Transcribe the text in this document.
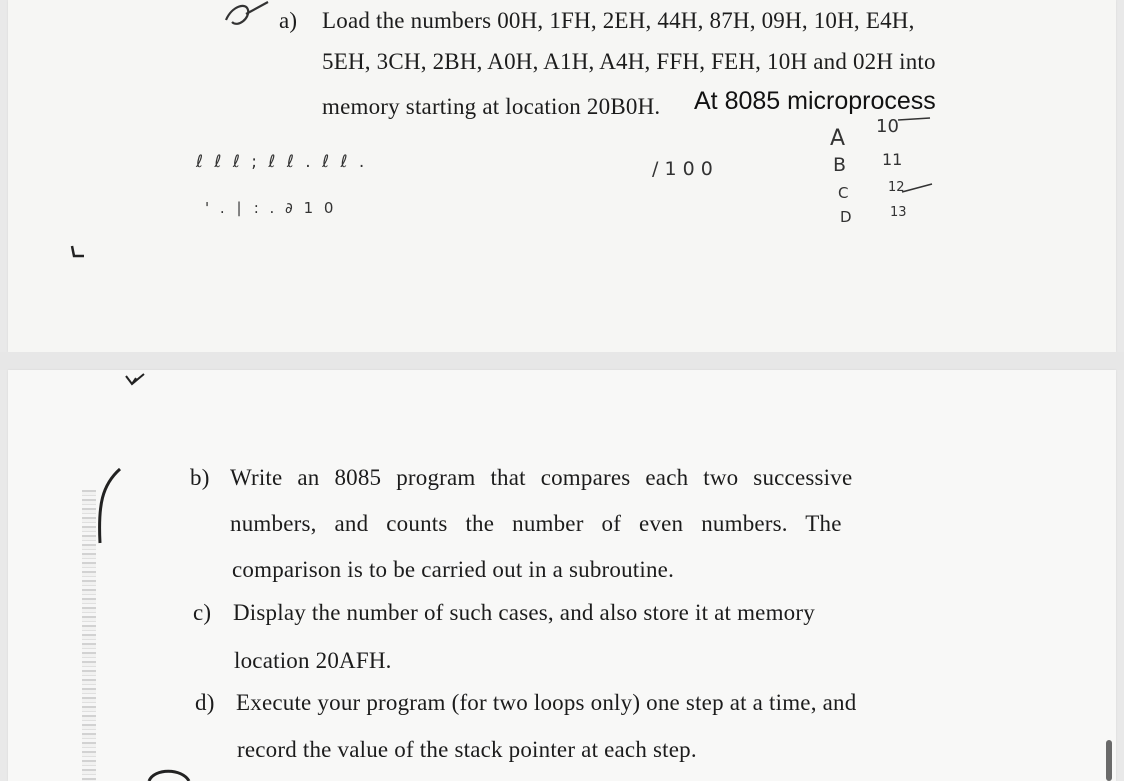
a) Load the numbers 00H, 1FH, 2EH, 44H, 87H, 09H, 10H, E4H,
5EH, 3CH, 2BH, A0H, A1H, A4H, FFH, FEH, 10H and 02H into
memory starting at location 20B0H. At 8085 microprocess
ℓ ℓ ℓ ; ℓ ℓ . ℓ ℓ .
' . ∣ : . ∂ 1 0
/ 1 0 0
A
B
C
D
10
11
12
13
b) Write an 8085 program that compares each two successive
numbers, and counts the number of even numbers. The
comparison is to be carried out in a subroutine.
c) Display the number of such cases, and also store it at memory
location 20AFH.
d) Execute your program (for two loops only) one step at a time, and
record the value of the stack pointer at each step.
